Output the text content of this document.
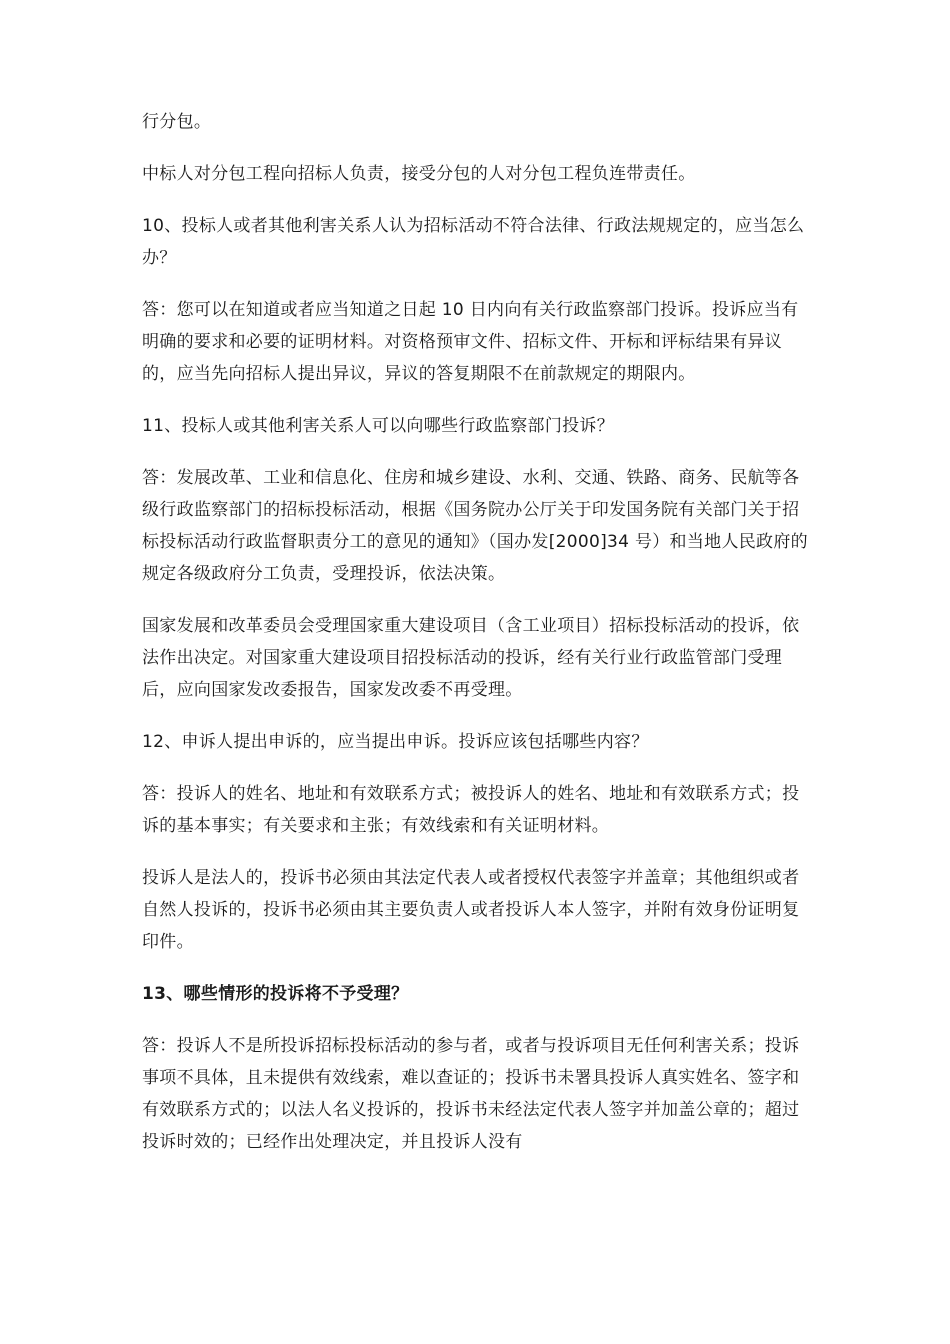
行分包。

中标人对分包工程向招标人负责，接受分包的人对分包工程负连带责任。

10、投标人或者其他利害关系人认为招标活动不符合法律、行政法规规定的，应当怎么办？

答：您可以在知道或者应当知道之日起 10 日内向有关行政监察部门投诉。投诉应当有明确的要求和必要的证明材料。对资格预审文件、招标文件、开标和评标结果有异议的，应当先向招标人提出异议，异议的答复期限不在前款规定的期限内。

11、投标人或其他利害关系人可以向哪些行政监察部门投诉？

答：发展改革、工业和信息化、住房和城乡建设、水利、交通、铁路、商务、民航等各级行政监察部门的招标投标活动，根据《国务院办公厅关于印发国务院有关部门关于招标投标活动行政监督职责分工的意见的通知》（国办发[2000]34 号）和当地人民政府的规定各级政府分工负责，受理投诉，依法决策。

国家发展和改革委员会受理国家重大建设项目（含工业项目）招标投标活动的投诉，依法作出决定。对国家重大建设项目招投标活动的投诉，经有关行业行政监管部门受理后，应向国家发改委报告，国家发改委不再受理。

12、申诉人提出申诉的，应当提出申诉。投诉应该包括哪些内容？

答：投诉人的姓名、地址和有效联系方式；被投诉人的姓名、地址和有效联系方式；投诉的基本事实；有关要求和主张；有效线索和有关证明材料。

投诉人是法人的，投诉书必须由其法定代表人或者授权代表签字并盖章；其他组织或者自然人投诉的，投诉书必须由其主要负责人或者投诉人本人签字，并附有效身份证明复印件。

13、哪些情形的投诉将不予受理？

答：投诉人不是所投诉招标投标活动的参与者，或者与投诉项目无任何利害关系；投诉事项不具体，且未提供有效线索，难以查证的；投诉书未署具投诉人真实姓名、签字和有效联系方式的；以法人名义投诉的，投诉书未经法定代表人签字并加盖公章的；超过投诉时效的；已经作出处理决定，并且投诉人没有
